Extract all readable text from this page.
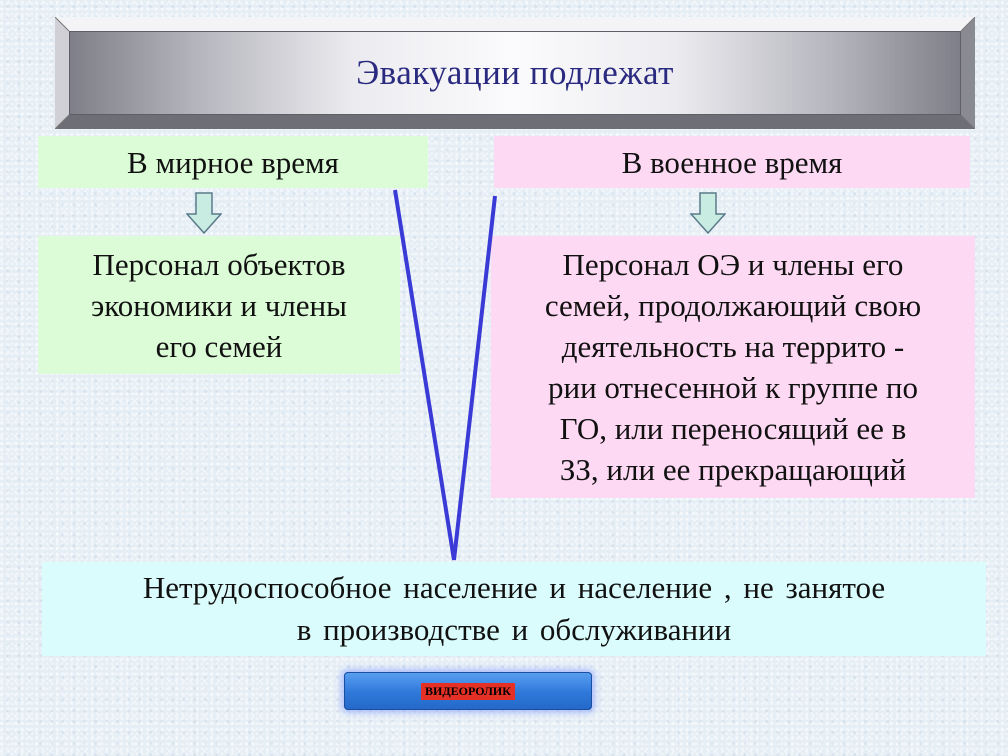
Эвакуации подлежат
В мирное время	В военное время
Персонал объектов
экономики и члены
его семей
Персонал ОЭ и члены его
семей, продолжающий свою
деятельность на террито -
рии отнесенной к группе по
ГО, или переносящий ее в
ЗЗ, или ее прекращающий
Нетрудоспособное население и население , не занятое
в производстве и обслуживании
ВИДЕОРОЛИК
